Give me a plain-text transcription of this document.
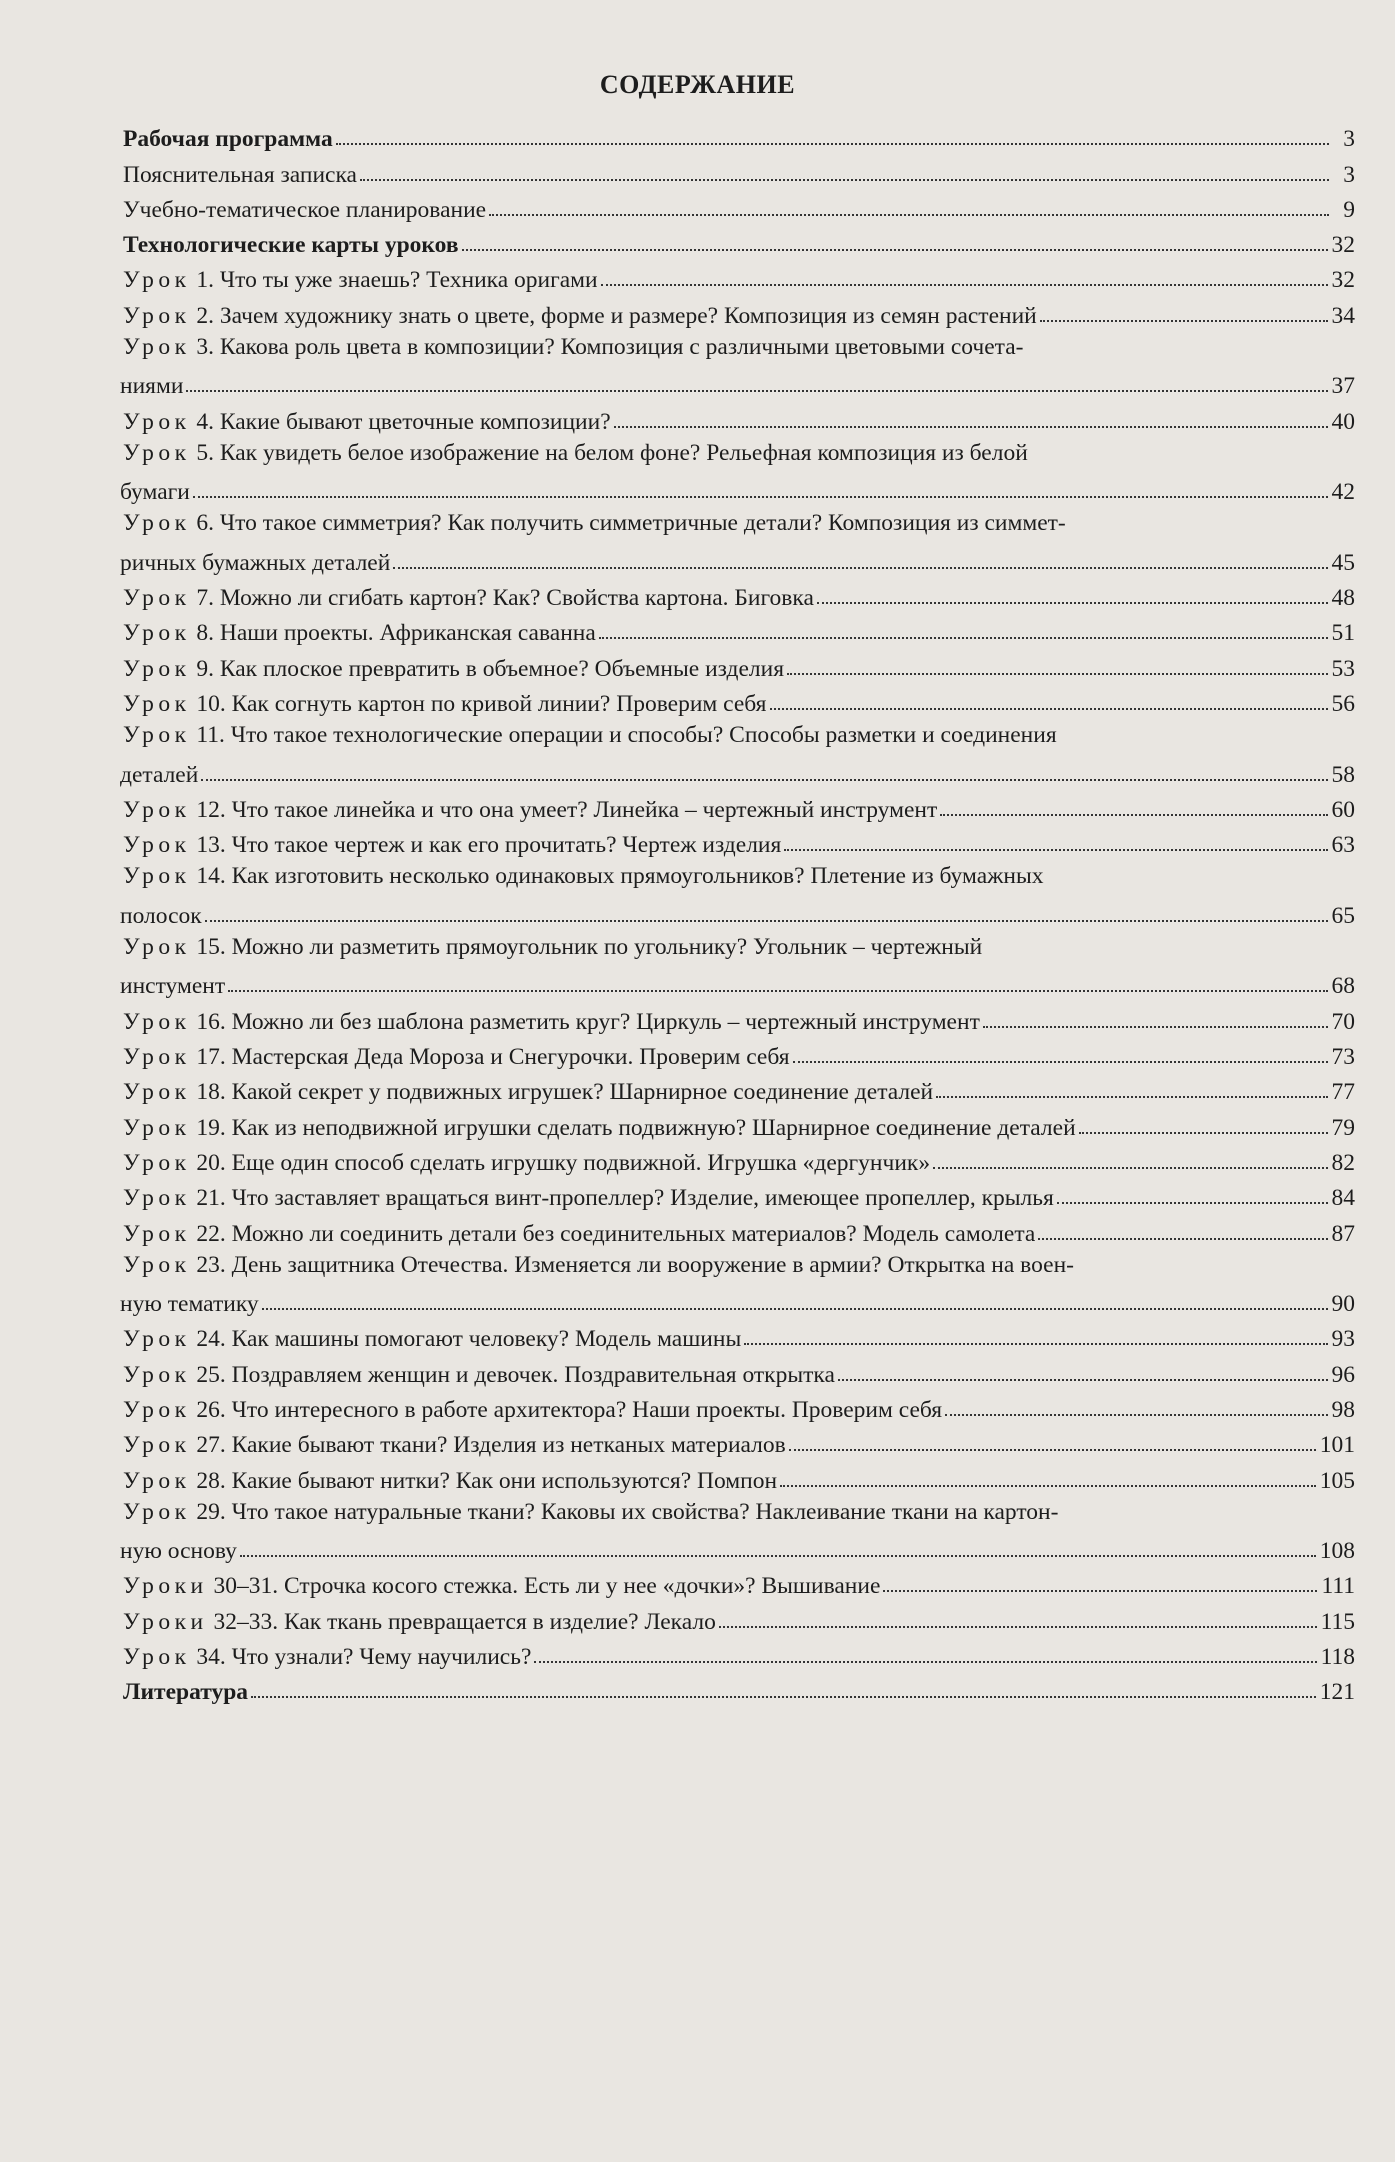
СОДЕРЖАНИЕ
Рабочая программа	3
Пояснительная записка	3
Учебно-тематическое планирование	9
Технологические карты уроков	32
Урок 1. Что ты уже знаешь? Техника оригами	32
Урок 2. Зачем художнику знать о цвете, форме и размере? Композиция из семян растений	34
Урок 3. Какова роль цвета в композиции? Композиция с различными цветовыми сочета-
ниями	37
Урок 4. Какие бывают цветочные композиции?	40
Урок 5. Как увидеть белое изображение на белом фоне? Рельефная композиция из белой
бумаги	42
Урок 6. Что такое симметрия? Как получить симметричные детали? Композиция из симмет-
ричных бумажных деталей	45
Урок 7. Можно ли сгибать картон? Как? Свойства картона. Биговка	48
Урок 8. Наши проекты. Африканская саванна	51
Урок 9. Как плоское превратить в объемное? Объемные изделия	53
Урок 10. Как согнуть картон по кривой линии? Проверим себя	56
Урок 11. Что такое технологические операции и способы? Способы разметки и соединения
деталей	58
Урок 12. Что такое линейка и что она умеет? Линейка – чертежный инструмент	60
Урок 13. Что такое чертеж и как его прочитать? Чертеж изделия	63
Урок 14. Как изготовить несколько одинаковых прямоугольников? Плетение из бумажных
полосок	65
Урок 15. Можно ли разметить прямоугольник по угольнику? Угольник – чертежный
инстумент	68
Урок 16. Можно ли без шаблона разметить круг? Циркуль – чертежный инструмент	70
Урок 17. Мастерская Деда Мороза и Снегурочки. Проверим себя	73
Урок 18. Какой секрет у подвижных игрушек? Шарнирное соединение деталей	77
Урок 19. Как из неподвижной игрушки сделать подвижную? Шарнирное соединение деталей	79
Урок 20. Еще один способ сделать игрушку подвижной. Игрушка «дергунчик»	82
Урок 21. Что заставляет вращаться винт-пропеллер? Изделие, имеющее пропеллер, крылья	84
Урок 22. Можно ли соединить детали без соединительных материалов? Модель самолета	87
Урок 23. День защитника Отечества. Изменяется ли вооружение в армии? Открытка на воен-
ную тематику	90
Урок 24. Как машины помогают человеку? Модель машины	93
Урок 25. Поздравляем женщин и девочек. Поздравительная открытка	96
Урок 26. Что интересного в работе архитектора? Наши проекты. Проверим себя	98
Урок 27. Какие бывают ткани? Изделия из нетканых материалов	101
Урок 28. Какие бывают нитки? Как они используются? Помпон	105
Урок 29. Что такое натуральные ткани? Каковы их свойства? Наклеивание ткани на картон-
ную основу	108
Уроки 30–31. Строчка косого стежка. Есть ли у нее «дочки»? Вышивание	111
Уроки 32–33. Как ткань превращается в изделие? Лекало	115
Урок 34. Что узнали? Чему научились?	118
Литература	121
